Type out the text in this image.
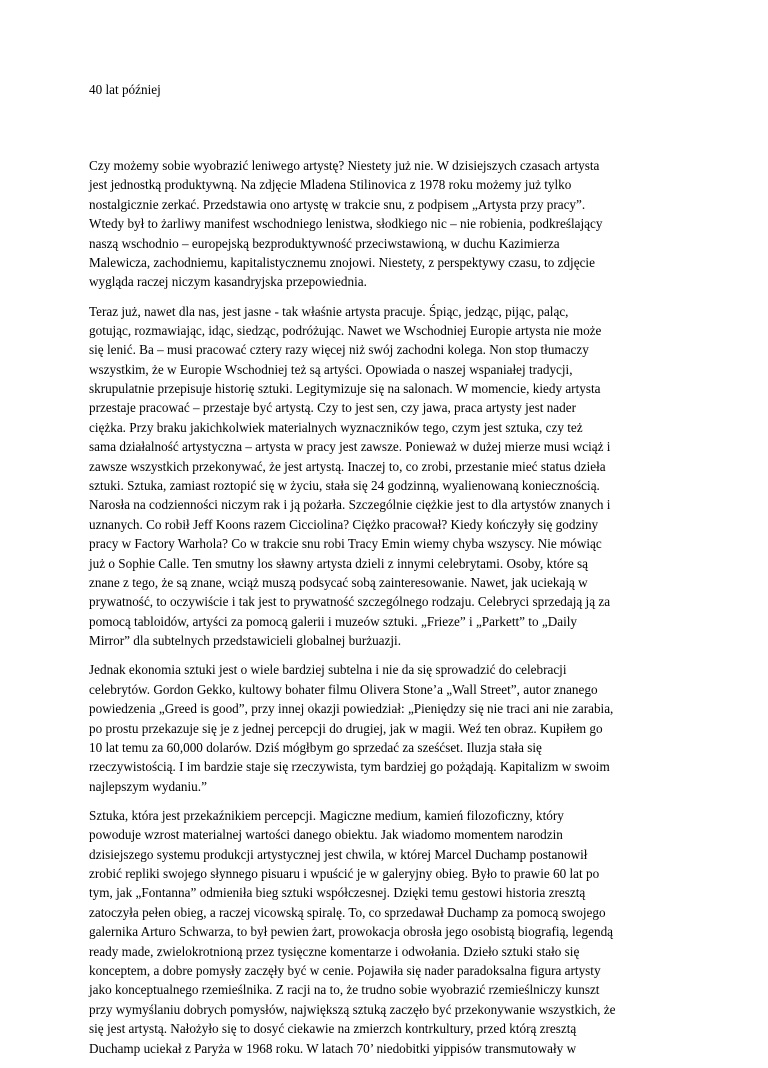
40 lat później

Czy możemy sobie wyobrazić leniwego artystę? Niestety już nie. W dzisiejszych czasach artysta
jest jednostką produktywną. Na zdjęcie Mladena Stilinovica z 1978 roku możemy już tylko
nostalgicznie zerkać. Przedstawia ono artystę w trakcie snu, z podpisem „Artysta przy pracy”.
Wtedy był to żarliwy manifest wschodniego lenistwa, słodkiego nic – nie robienia, podkreślający
naszą wschodnio – europejską bezproduktywność przeciwstawioną, w duchu Kazimierza
Malewicza, zachodniemu, kapitalistycznemu znojowi. Niestety, z perspektywy czasu, to zdjęcie
wygląda raczej niczym kasandryjska przepowiednia.

Teraz już, nawet dla nas, jest jasne - tak właśnie artysta pracuje. Śpiąc, jedząc, pijąc, paląc,
gotując, rozmawiając, idąc, siedząc, podróżując. Nawet we Wschodniej Europie artysta nie może
się lenić. Ba – musi pracować cztery razy więcej niż swój zachodni kolega. Non stop tłumaczy
wszystkim, że w Europie Wschodniej też są artyści. Opowiada o naszej wspaniałej tradycji,
skrupulatnie przepisuje historię sztuki. Legitymizuje się na salonach. W momencie, kiedy artysta
przestaje pracować – przestaje być artystą. Czy to jest sen, czy jawa, praca artysty jest nader
ciężka. Przy braku jakichkolwiek materialnych wyznaczników tego, czym jest sztuka, czy też
sama działalność artystyczna – artysta w pracy jest zawsze. Ponieważ w dużej mierze musi wciąż i
zawsze wszystkich przekonywać, że jest artystą. Inaczej to, co zrobi, przestanie mieć status dzieła
sztuki. Sztuka, zamiast roztopić się w życiu, stała się 24 godzinną, wyalienowaną koniecznością.
Narosła na codzienności niczym rak i ją pożarła. Szczególnie ciężkie jest to dla artystów znanych i
uznanych. Co robił Jeff Koons razem Cicciolina? Ciężko pracował? Kiedy kończyły się godziny
pracy w Factory Warhola? Co w trakcie snu robi Tracy Emin wiemy chyba wszyscy. Nie mówiąc
już o Sophie Calle. Ten smutny los sławny artysta dzieli z innymi celebrytami. Osoby, które są
znane z tego, że są znane, wciąż muszą podsycać sobą zainteresowanie. Nawet, jak uciekają w
prywatność, to oczywiście i tak jest to prywatność szczególnego rodzaju. Celebryci sprzedają ją za
pomocą tabloidów, artyści za pomocą galerii i muzeów sztuki. „Frieze” i „Parkett” to „Daily
Mirror” dla subtelnych przedstawicieli globalnej burżuazji.

Jednak ekonomia sztuki jest o wiele bardziej subtelna i nie da się sprowadzić do celebracji
celebrytów. Gordon Gekko, kultowy bohater filmu Olivera Stone’a „Wall Street”, autor znanego
powiedzenia „Greed is good”, przy innej okazji powiedział: „Pieniędzy się nie traci ani nie zarabia,
po prostu przekazuje się je z jednej percepcji do drugiej, jak w magii. Weź ten obraz. Kupiłem go
10 lat temu za 60,000 dolarów. Dziś mógłbym go sprzedać za sześćset. Iluzja stała się
rzeczywistością. I im bardzie staje się rzeczywista, tym bardziej go pożądają. Kapitalizm w swoim
najlepszym wydaniu.”

Sztuka, która jest przekaźnikiem percepcji. Magiczne medium, kamień filozoficzny, który
powoduje wzrost materialnej wartości danego obiektu. Jak wiadomo momentem narodzin
dzisiejszego systemu produkcji artystycznej jest chwila, w której Marcel Duchamp postanowił
zrobić repliki swojego słynnego pisuaru i wpuścić je w galeryjny obieg. Było to prawie 60 lat po
tym, jak „Fontanna” odmieniła bieg sztuki współczesnej. Dzięki temu gestowi historia zresztą
zatoczyła pełen obieg, a raczej vicowską spiralę. To, co sprzedawał Duchamp za pomocą swojego
galernika Arturo Schwarza, to był pewien żart, prowokacja obrosła jego osobistą biografią, legendą
ready made, zwielokrotnioną przez tysięczne komentarze i odwołania. Dzieło sztuki stało się
konceptem, a dobre pomysły zaczęły być w cenie. Pojawiła się nader paradoksalna figura artysty
jako konceptualnego rzemieślnika. Z racji na to, że trudno sobie wyobrazić rzemieślniczy kunszt
przy wymyślaniu dobrych pomysłów, największą sztuką zaczęło być przekonywanie wszystkich, że
się jest artystą. Nałożyło się to dosyć ciekawie na zmierzch kontrkultury, przed którą zresztą
Duchamp uciekał z Paryża w 1968 roku. W latach 70’ niedobitki yippisów transmutowały w
